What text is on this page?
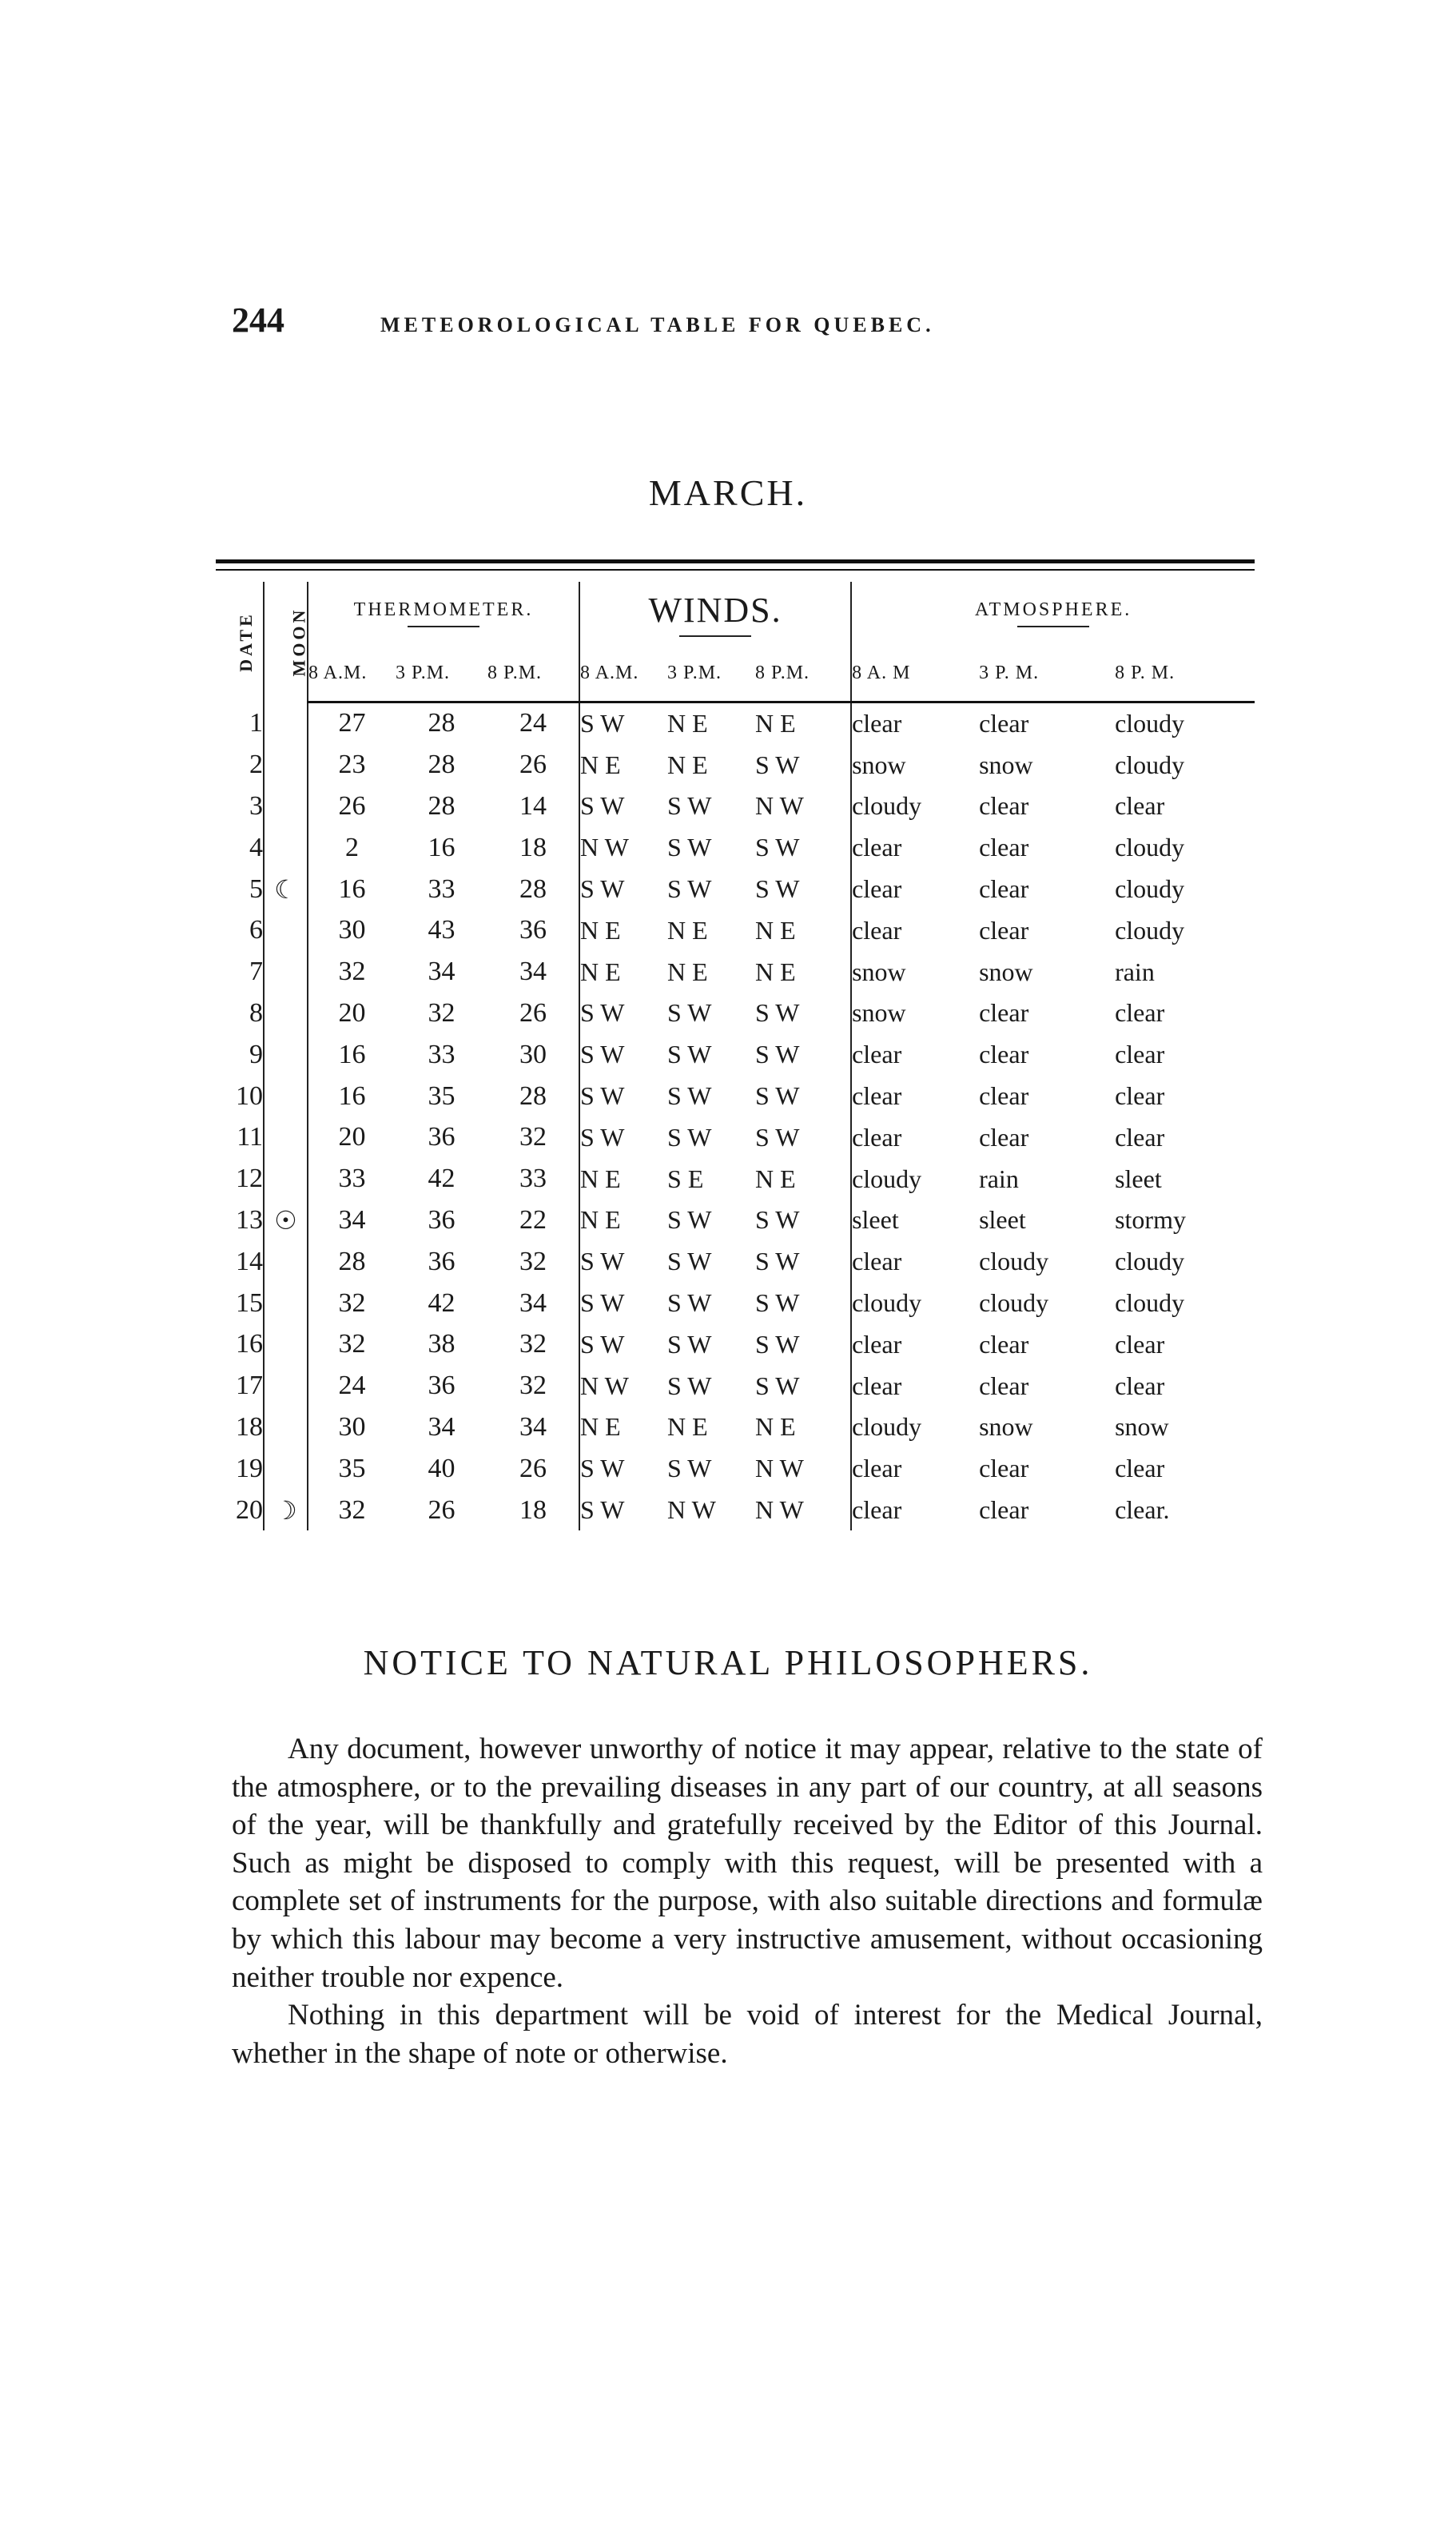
244	METEOROLOGICAL TABLE FOR QUEBEC.
MARCH.
DATE	MOON	THERMOMETER.			WINDS.			ATMOSPHERE.		

		8 A.M.	3 P.M.	8 P.M.	8 A.M.	3 P.M.	8 P.M.	8 A. M	3 P. M.	8 P. M.
1		27	28	24	S W	N E	N E	clear	clear	cloudy
2		23	28	26	N E	N E	S W	snow	snow	cloudy
3		26	28	14	S W	S W	N W	cloudy	clear	clear
4		2	16	18	N W	S W	S W	clear	clear	cloudy
5	☾	16	33	28	S W	S W	S W	clear	clear	cloudy
6		30	43	36	N E	N E	N E	clear	clear	cloudy
7		32	34	34	N E	N E	N E	snow	snow	rain
8		20	32	26	S W	S W	S W	snow	clear	clear
9		16	33	30	S W	S W	S W	clear	clear	clear
10		16	35	28	S W	S W	S W	clear	clear	clear
11		20	36	32	S W	S W	S W	clear	clear	clear
12		33	42	33	N E	S E	N E	cloudy	rain	sleet
13	☉	34	36	22	N E	S W	S W	sleet	sleet	stormy
14		28	36	32	S W	S W	S W	clear	cloudy	cloudy
15		32	42	34	S W	S W	S W	cloudy	cloudy	cloudy
16		32	38	32	S W	S W	S W	clear	clear	clear
17		24	36	32	N W	S W	S W	clear	clear	clear
18		30	34	34	N E	N E	N E	cloudy	snow	snow
19		35	40	26	S W	S W	N W	clear	clear	clear
20	☽	32	26	18	S W	N W	N W	clear	clear	clear.
NOTICE TO NATURAL PHILOSOPHERS.

Any document, however unworthy of notice it may appear, relative to the state of the atmosphere, or to the prevailing diseases in any part of our country, at all seasons of the year, will be thankfully and gratefully received by the Editor of this Journal. Such as might be disposed to comply with this request, will be presented with a complete set of instruments for the purpose, with also suitable directions and formulæ by which this labour may become a very instructive amusement, without occasioning neither trouble nor expence.

Nothing in this department will be void of interest for the Medical Journal, whether in the shape of note or otherwise.
